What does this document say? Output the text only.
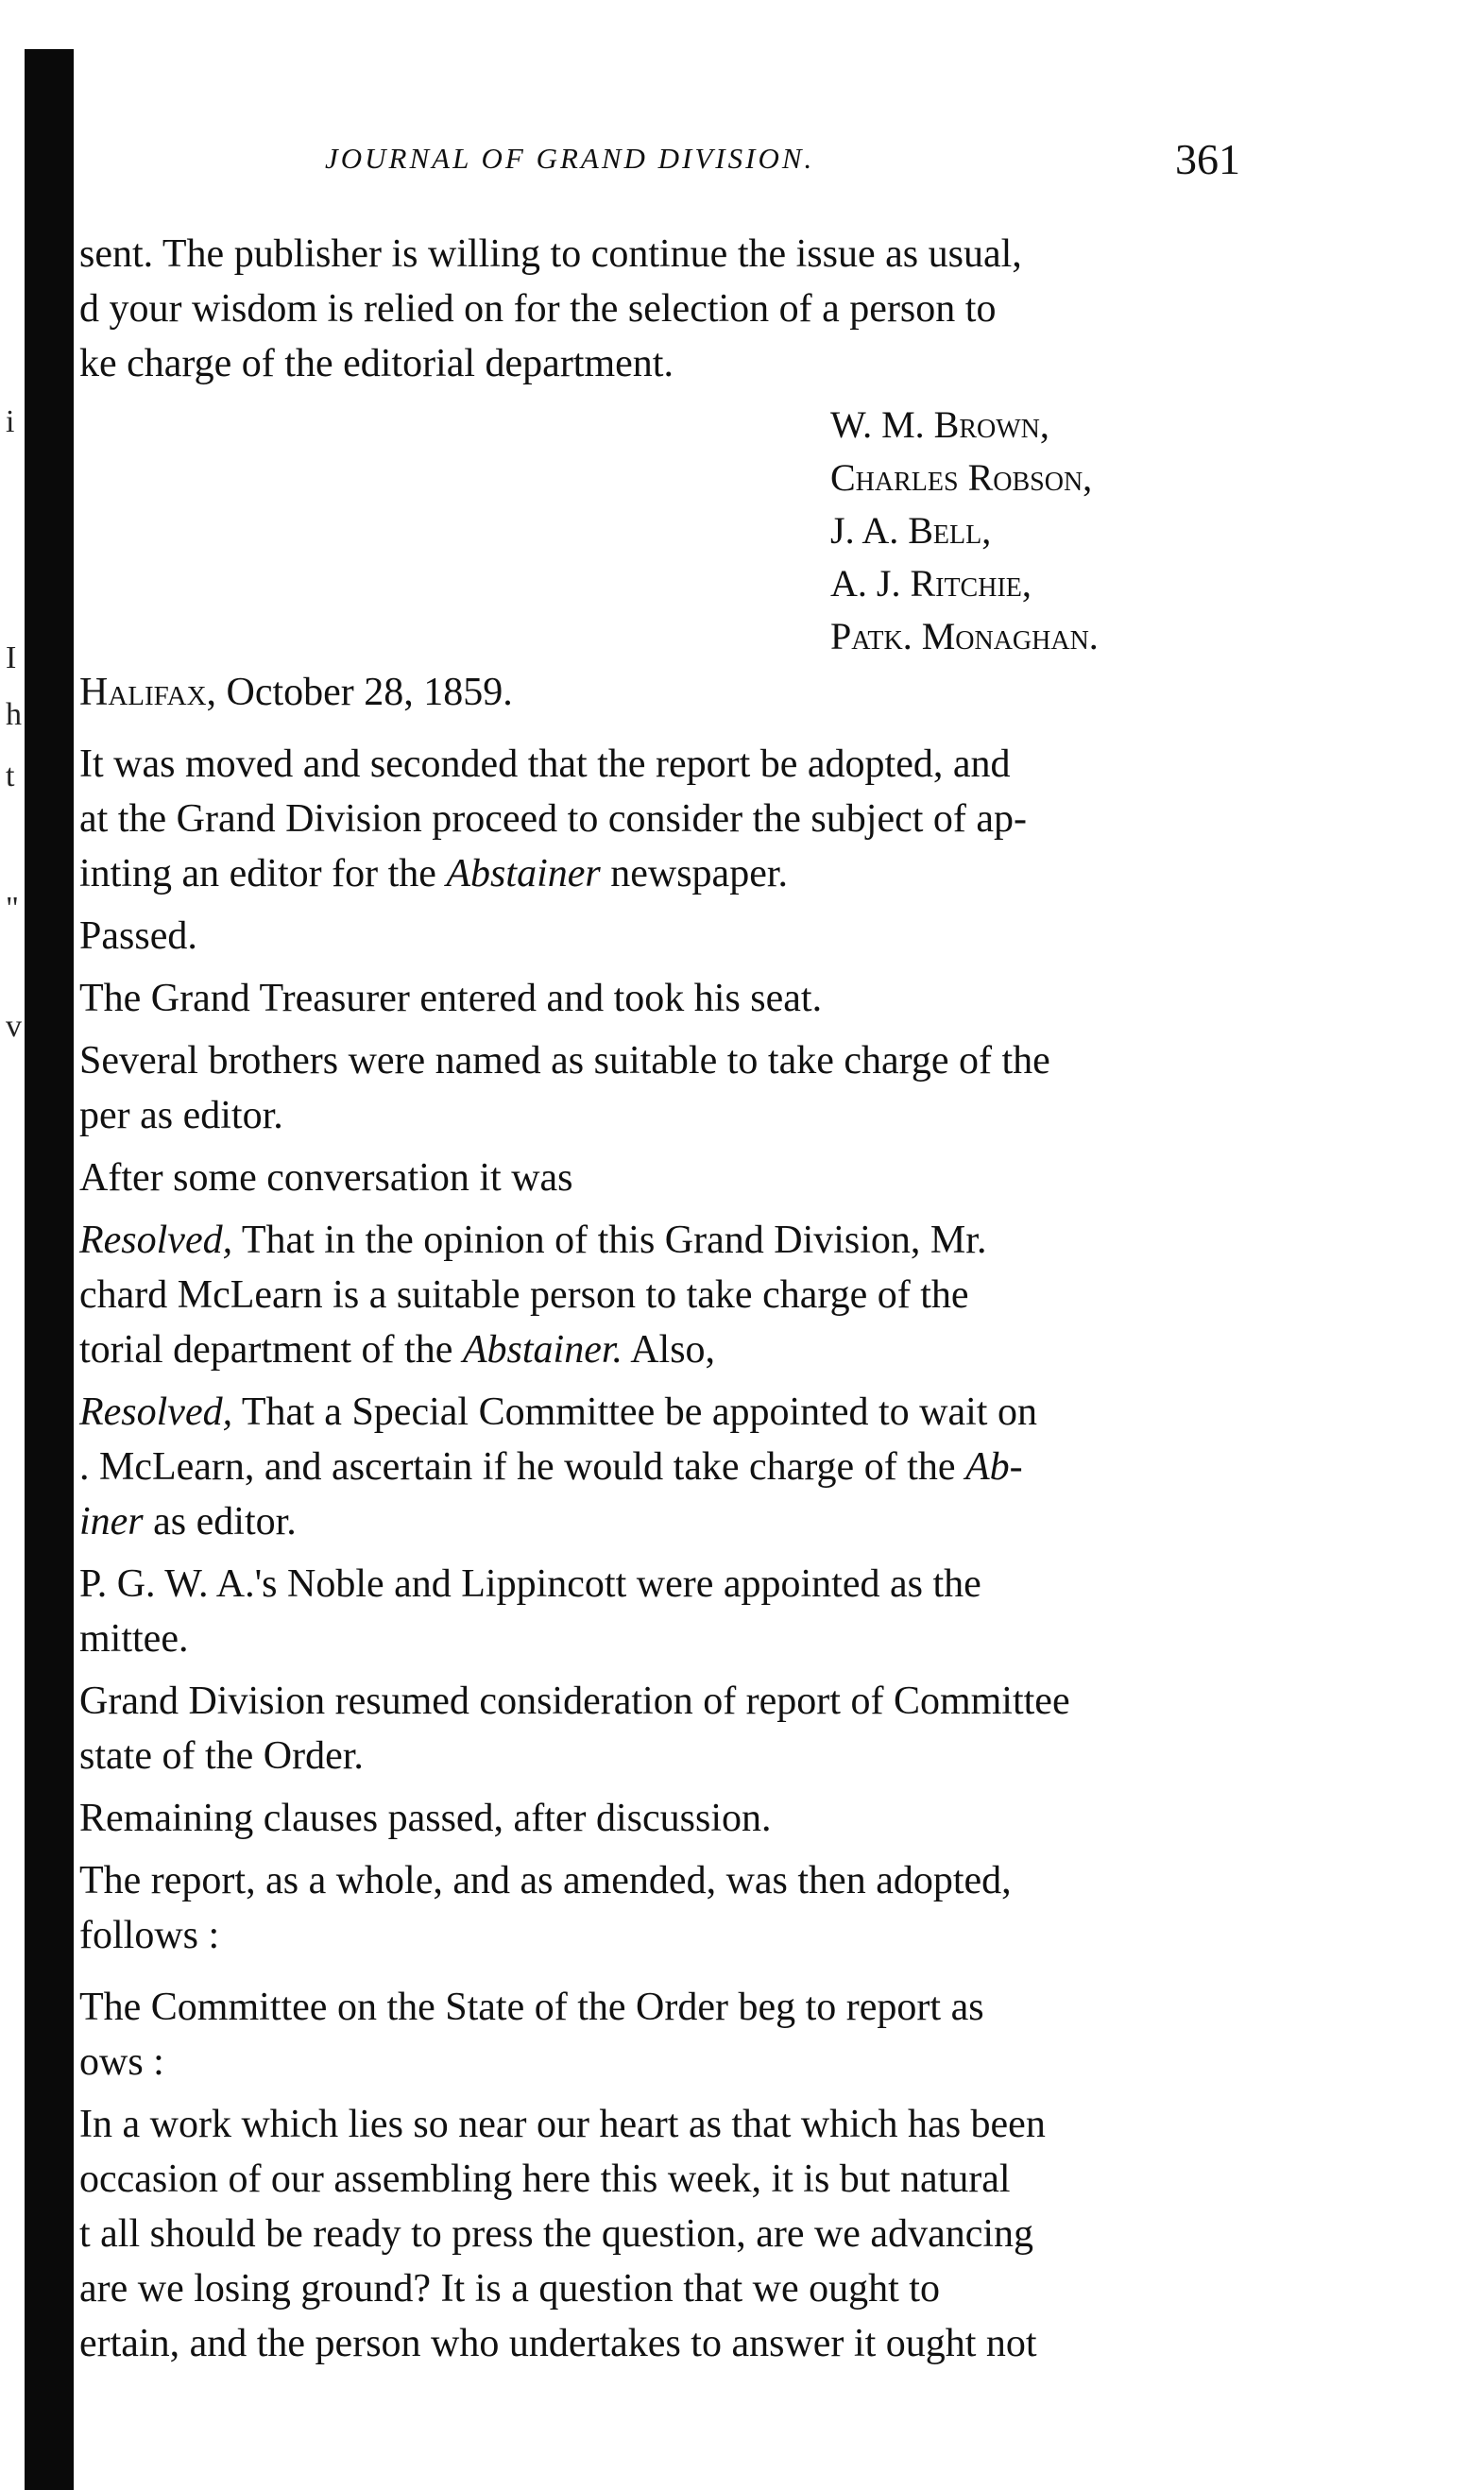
i
I
h
t
"
v
JOURNAL OF GRAND DIVISION.	361
sent. The publisher is willing to continue the issue as usual,
d your wisdom is relied on for the selection of a person to
ke charge of the editorial department.
W. M. Brown,
Charles Robson,
J. A. Bell,
A. J. Ritchie,
Patk. Monaghan.
Halifax, October 28, 1859.
It was moved and seconded that the report be adopted, and
at the Grand Division proceed to consider the subject of ap-
inting an editor for the Abstainer newspaper.
Passed.
The Grand Treasurer entered and took his seat.
Several brothers were named as suitable to take charge of the
per as editor.
After some conversation it was
Resolved, That in the opinion of this Grand Division, Mr.
chard McLearn is a suitable person to take charge of the
torial department of the Abstainer. Also,
Resolved, That a Special Committee be appointed to wait on
. McLearn, and ascertain if he would take charge of the Ab-
iner as editor.
P. G. W. A.'s Noble and Lippincott were appointed as the
mittee.
Grand Division resumed consideration of report of Committee
state of the Order.
Remaining clauses passed, after discussion.
The report, as a whole, and as amended, was then adopted,
follows :
The Committee on the State of the Order beg to report as
ows :
In a work which lies so near our heart as that which has been
occasion of our assembling here this week, it is but natural
t all should be ready to press the question, are we advancing
are we losing ground? It is a question that we ought to
ertain, and the person who undertakes to answer it ought not
